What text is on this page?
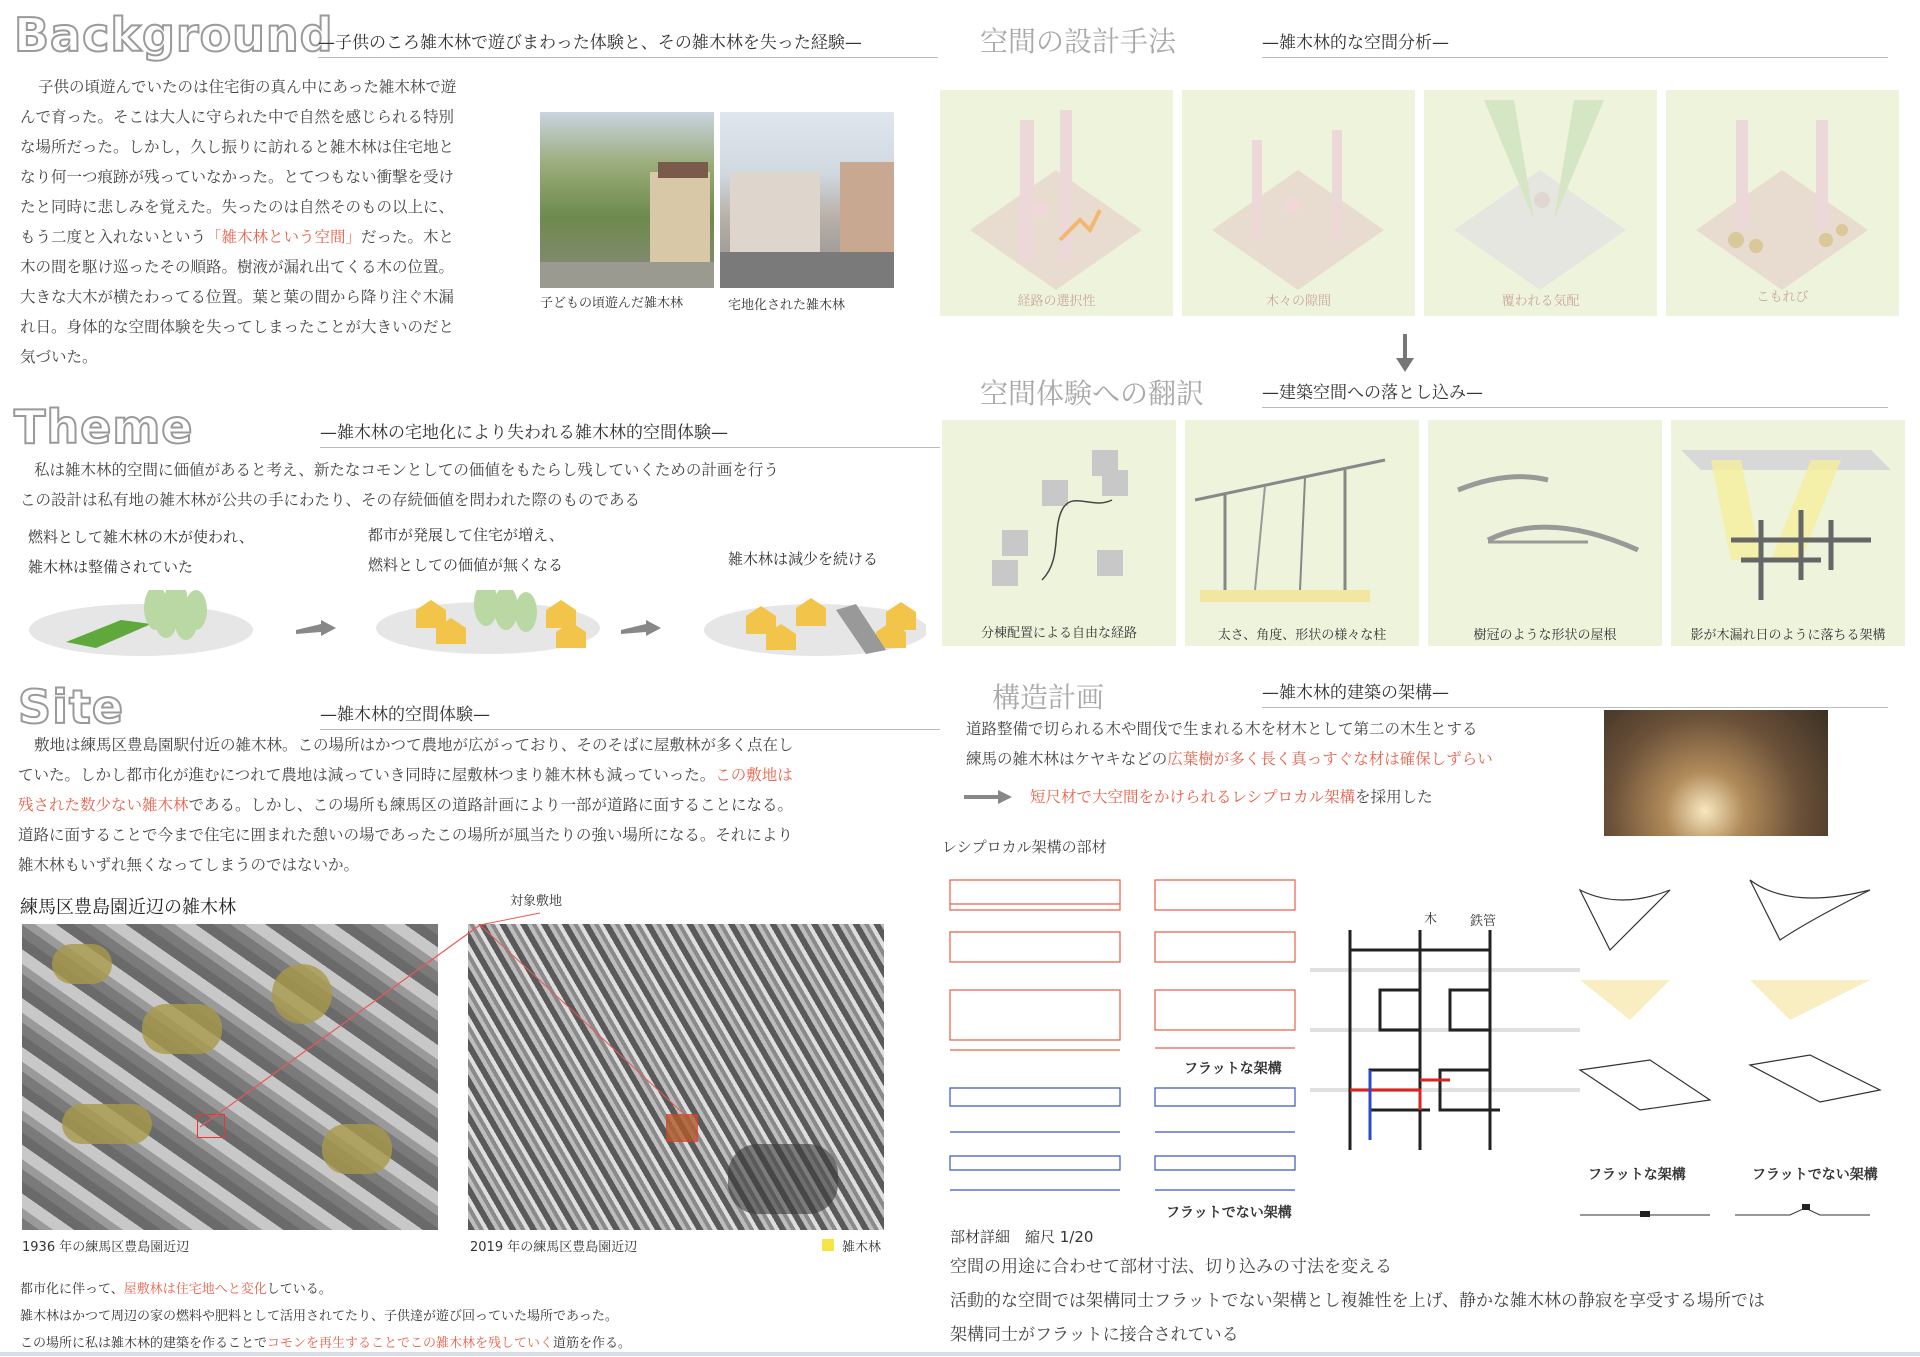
Background
—子供のころ雑木林で遊びまわった体験と、その雑木林を失った経験—
子供の頃遊んでいたのは住宅街の真ん中にあった雑木林で遊
んで育った。そこは大人に守られた中で自然を感じられる特別
な場所だった。しかし，久し振りに訪れると雑木林は住宅地と
なり何一つ痕跡が残っていなかった。とてつもない衝撃を受け
たと同時に悲しみを覚えた。失ったのは自然そのもの以上に、
もう二度と入れないという「雑木林という空間」だった。木と
木の間を駆け巡ったその順路。樹液が漏れ出てくる木の位置。
大きな大木が横たわってる位置。葉と葉の間から降り注ぐ木漏
れ日。身体的な空間体験を失ってしまったことが大きいのだと
気づいた。
子どもの頃遊んだ雑木林	宅地化された雑木林
Theme	—雑木林の宅地化により失われる雑木林的空間体験—
私は雑木林的空間に価値があると考え、新たなコモンとしての価値をもたらし残していくための計画を行う
この設計は私有地の雑木林が公共の手にわたり、その存続価値を問われた際のものである
燃料として雑木林の木が使われ、
雑木林は整備されていた
都市が発展して住宅が増え、
燃料としての価値が無くなる	雑木林は減少を続ける
Site	—雑木林的空間体験—
敷地は練馬区豊島園駅付近の雑木林。この場所はかつて農地が広がっており、そのそばに屋敷林が多く点在し
ていた。しかし都市化が進むにつれて農地は減っていき同時に屋敷林つまり雑木林も減っていった。この敷地は
残された数少ない雑木林である。しかし、この場所も練馬区の道路計画により一部が道路に面することになる。
道路に面することで今まで住宅に囲まれた憩いの場であったこの場所が風当たりの強い場所になる。それにより
雑木林もいずれ無くなってしまうのではないか。
練馬区豊島園近辺の雑木林	対象敷地
1936 年の練馬区豊島園近辺	2019 年の練馬区豊島園近辺	雑木林
都市化に伴って、屋敷林は住宅地へと変化している。
雑木林はかつて周辺の家の燃料や肥料として活用されてたり、子供達が遊び回っていた場所であった。
この場所に私は雑木林的建築を作ることでコモンを再生することでこの雑木林を残していく道筋を作る。
空間の設計手法	—雑木林的な空間分析—
経路の選択性	木々の隙間	覆われる気配	こもれび
空間体験への翻訳	—建築空間への落とし込み—
分棟配置による自由な経路	太さ、角度、形状の様々な柱	樹冠のような形状の屋根	影が木漏れ日のように落ちる架構
構造計画	—雑木林的建築の架構—
道路整備で切られる木や間伐で生まれる木を材木として第二の木生とする
練馬の雑木林はケヤキなどの広葉樹が多く長く真っすぐな材は確保しずらい
短尺材で大空間をかけられるレシプロカル架構を採用した
レシプロカル架構の部材
フラットな架構
フラットでない架構
木	鉄管
フラットな架構	フラットでない架構
部材詳細　縮尺 1/20
空間の用途に合わせて部材寸法、切り込みの寸法を変える
活動的な空間では架構同士フラットでない架構とし複雑性を上げ、静かな雑木林の静寂を享受する場所では
架構同士がフラットに接合されている
